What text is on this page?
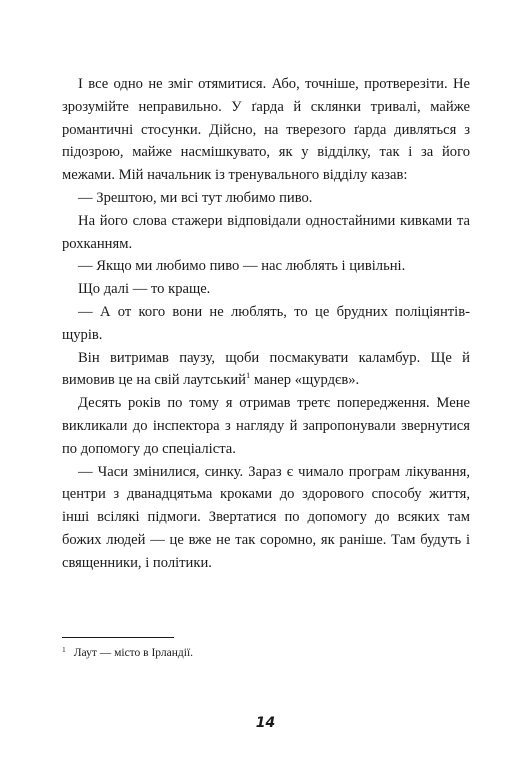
І все одно не зміг отямитися. Або, точніше, протверезіти. Не зрозумійте неправильно. У ґарда й склянки тривалі, майже романтичні стосунки. Дійсно, на тверезого ґарда дивляться з підозрою, майже насмішкувато, як у відділку, так і за його межами. Мій начальник із тренувального відділу казав:

— Зрештою, ми всі тут любимо пиво.

На його слова стажери відповідали одностайними кивками та рохканням.

— Якщо ми любимо пиво — нас люблять і цивільні.

Що далі — то краще.

— А от кого вони не люблять, то це брудних поліціянтів-щурів.

Він витримав паузу, щоби посмакувати каламбур. Ще й вимовив це на свій лаутський$^1$ манер «щурдєв».

Десять років по тому я отримав третє попередження. Мене викликали до інспектора з нагляду й запропонували звернутися по допомогу до спеціаліста.

— Часи змінилися, синку. Зараз є чимало програм лікування, центри з дванадцятьма кроками до здорового способу життя, інші всілякі підмоги. Звертатися по допомогу до всяких там божих людей — це вже не так соромно, як раніше. Там будуть і священники, і політики.

$^1$ Лаут — місто в Ірландії.
14
